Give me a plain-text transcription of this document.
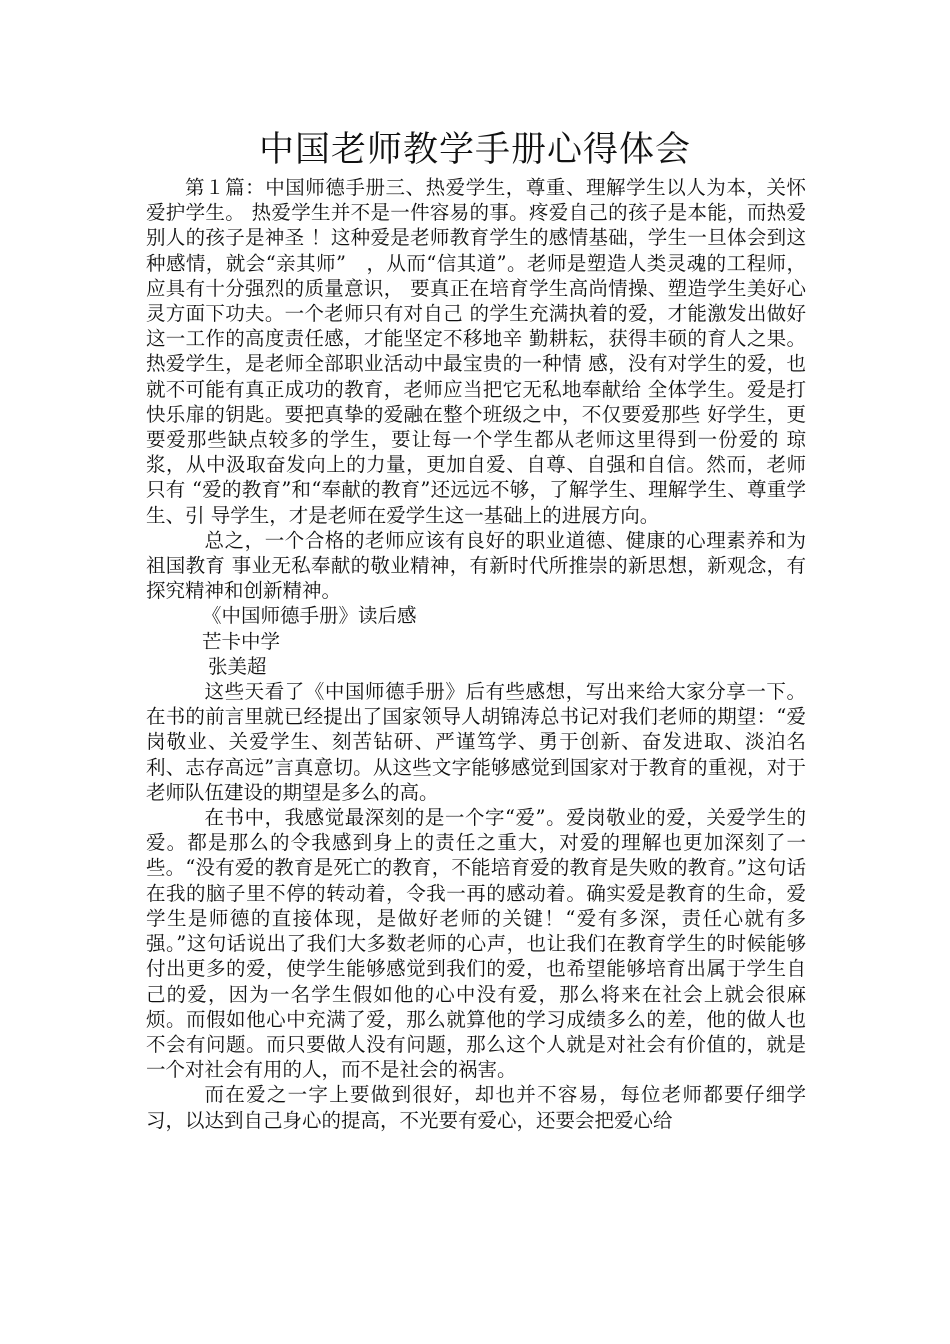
中国老师教学手册心得体会

第１篇：中国师德手册三、热爱学生，尊重、理解学生以人为本，关怀爱护学生。 热爱学生并不是一件容易的事。疼爱自己的孩子是本能，而热爱别人的孩子是神圣 ！这种爱是老师教育学生的感情基础，学生一旦体会到这种感情，就会“亲其师”　，从而“信其道”。老师是塑造人类灵魂的工程师，应具有十分强烈的质量意识， 要真正在培育学生高尚情操、塑造学生美好心灵方面下功夫。一个老师只有对自己 的学生充满执着的爱，才能激发出做好这一工作的高度责任感，才能坚定不移地辛 勤耕耘，获得丰硕的育人之果。热爱学生，是老师全部职业活动中最宝贵的一种情 感，没有对学生的爱，也就不可能有真正成功的教育，老师应当把它无私地奉献给 全体学生。爱是打快乐扉的钥匙。要把真挚的爱融在整个班级之中，不仅要爱那些 好学生，更要爱那些缺点较多的学生，要让每一个学生都从老师这里得到一份爱的 琼浆，从中汲取奋发向上的力量，更加自爱、自尊、自强和自信。然而，老师只有 “爱的教育”和“奉献的教育”还远远不够，了解学生、理解学生、尊重学生、引 导学生，才是老师在爱学生这一基础上的进展方向。

总之，一个合格的老师应该有良好的职业道德、健康的心理素养和为祖国教育 事业无私奉献的敬业精神，有新时代所推崇的新思想，新观念，有探究精神和创新精神。

《中国师德手册》读后感

芒卡中学

张美超

这些天看了《中国师德手册》后有些感想，写出来给大家分享一下。 在书的前言里就已经提出了国家领导人胡锦涛总书记对我们老师的期望：“爱岗敬业、关爱学生、刻苦钻研、严谨笃学、勇于创新、奋发进取、淡泊名利、志存高远”言真意切。从这些文字能够感觉到国家对于教育的重视，对于老师队伍建设的期望是多么的高。

在书中，我感觉最深刻的是一个字“爱”。爱岗敬业的爱，关爱学生的爱。都是那么的令我感到身上的责任之重大，对爱的理解也更加深刻了一些。“没有爱的教育是死亡的教育，不能培育爱的教育是失败的教育。”这句话在我的脑子里不停的转动着，令我一再的感动着。确实爱是教育的生命，爱学生是师德的直接体现，是做好老师的关键！“爱有多深，责任心就有多强。”这句话说出了我们大多数老师的心声，也让我们在教育学生的时候能够付出更多的爱，使学生能够感觉到我们的爱，也希望能够培育出属于学生自己的爱，因为一名学生假如他的心中没有爱，那么将来在社会上就会很麻烦。而假如他心中充满了爱，那么就算他的学习成绩多么的差，他的做人也不会有问题。而只要做人没有问题，那么这个人就是对社会有价值的，就是一个对社会有用的人，而不是社会的祸害。

而在爱之一字上要做到很好，却也并不容易，每位老师都要仔细学习，以达到自己身心的提高，不光要有爱心，还要会把爱心给
